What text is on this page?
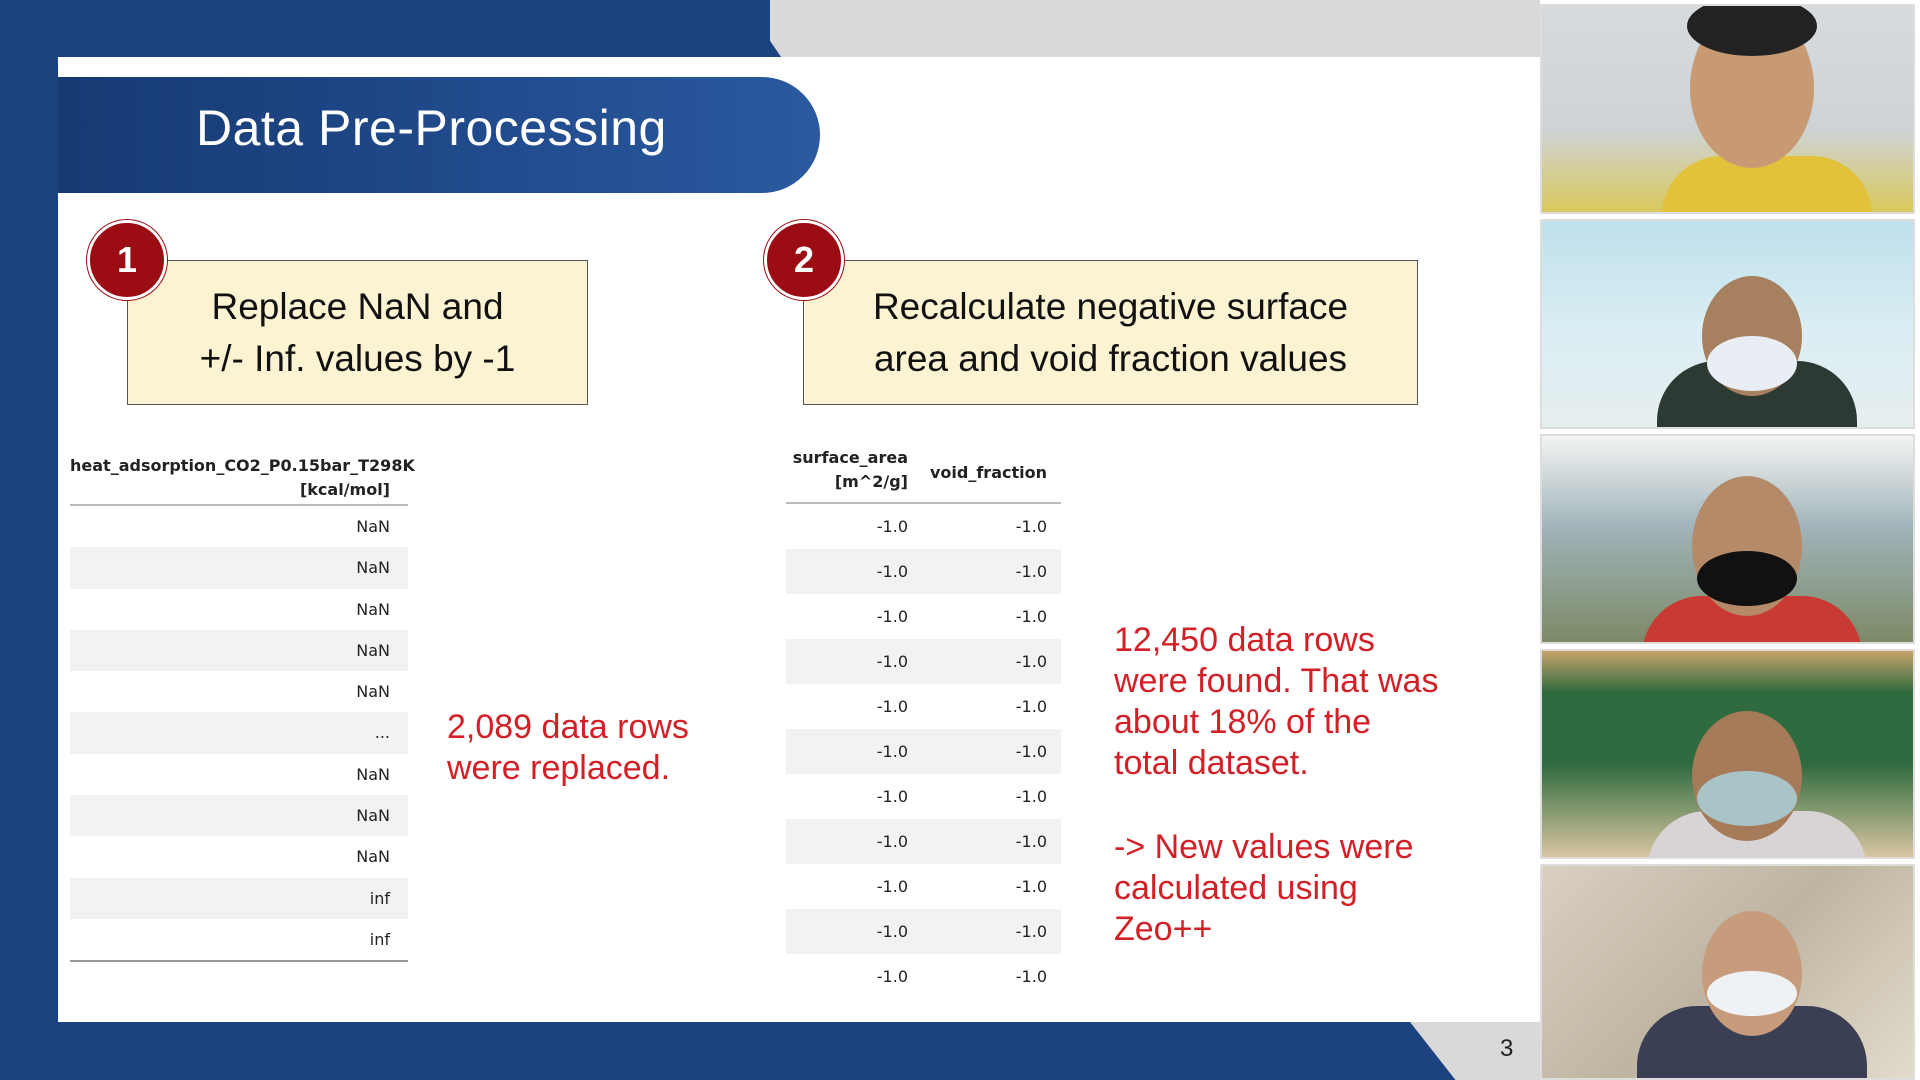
Data Pre-Processing
Replace NaN and
+/- Inf. values by -1
1
Recalculate negative surface
area and void fraction values
2
heat_adsorption_CO2_P0.15bar_T298K
[kcal/mol]
NaN
NaN
NaN
NaN
NaN
...
NaN
NaN
NaN
inf
inf
surface_area
[m^2/g]	void_fraction
-1.0	-1.0
-1.0	-1.0
-1.0	-1.0
-1.0	-1.0
-1.0	-1.0
-1.0	-1.0
-1.0	-1.0
-1.0	-1.0
-1.0	-1.0
-1.0	-1.0
-1.0	-1.0
2,089 data rows
were replaced.
12,450 data rows
were found. That was
about 18% of the
total dataset.
-> New values were
calculated using
Zeo++
3
